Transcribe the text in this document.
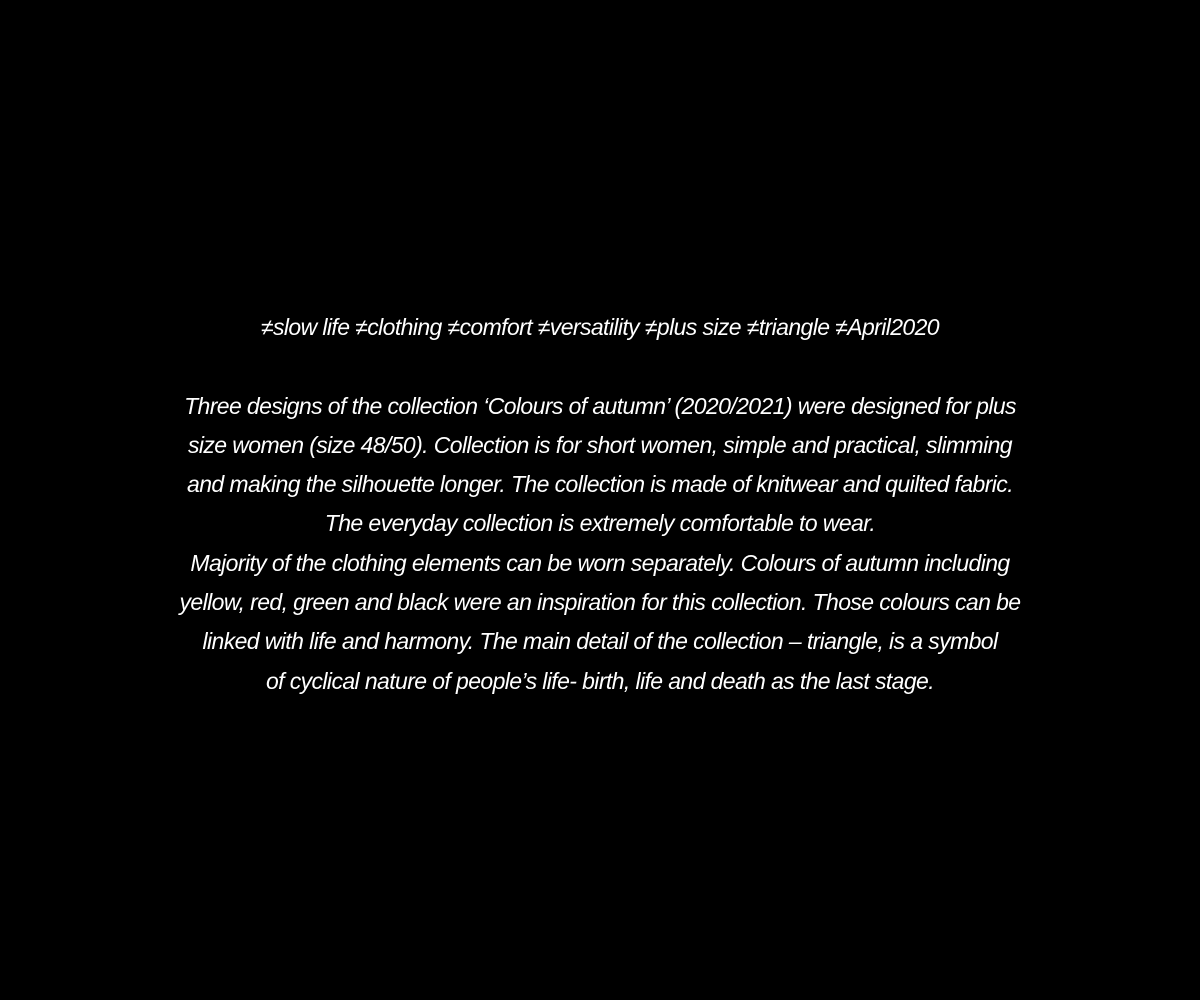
≠slow life ≠clothing ≠comfort ≠versatility ≠plus size ≠triangle ≠April2020
Three designs of the collection ‘Colours of autumn’ (2020/2021) were designed for plus
size women (size 48/50). Collection is for short women, simple and practical, slimming
and making the silhouette longer. The collection is made of knitwear and quilted fabric.
The everyday collection is extremely comfortable to wear.
Majority of the clothing elements can be worn separately. Colours of autumn including
yellow, red, green and black were an inspiration for this collection. Those colours can be
linked with life and harmony. The main detail of the collection – triangle, is a symbol
of cyclical nature of people’s life- birth, life and death as the last stage.
